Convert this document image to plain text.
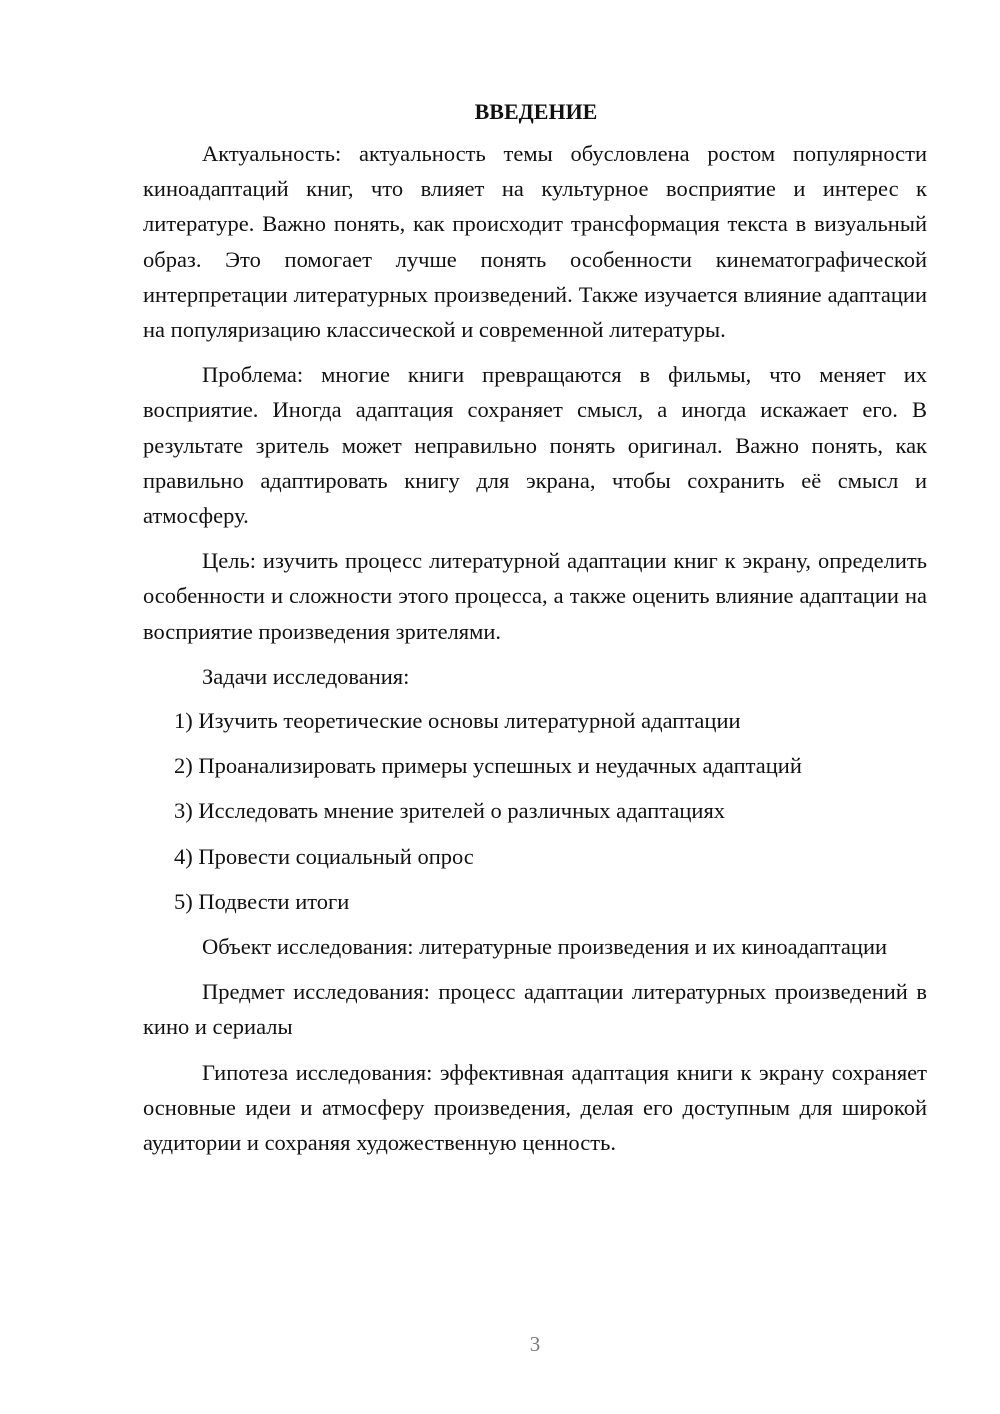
ВВЕДЕНИЕ

Актуальность: актуальность темы обусловлена ростом популярности киноадаптаций книг, что влияет на культурное восприятие и интерес к литературе. Важно понять, как происходит трансформация текста в визуальный образ. Это помогает лучше понять особенности кинематографической интерпретации литературных произведений. Также изучается влияние адаптации на популяризацию классической и современной литературы.

Проблема: многие книги превращаются в фильмы, что меняет их восприятие. Иногда адаптация сохраняет смысл, а иногда искажает его. В результате зритель может неправильно понять оригинал. Важно понять, как правильно адаптировать книгу для экрана, чтобы сохранить её смысл и атмосферу.

Цель: изучить процесс литературной адаптации книг к экрану, определить особенности и сложности этого процесса, а также оценить влияние адаптации на восприятие произведения зрителями.

Задачи исследования:

1) Изучить теоретические основы литературной адаптации
2) Проанализировать примеры успешных и неудачных адаптаций
3) Исследовать мнение зрителей о различных адаптациях
4) Провести социальный опрос
5) Подвести итоги

Объект исследования: литературные произведения и их киноадаптации

Предмет исследования: процесс адаптации литературных произведений в кино и сериалы

Гипотеза исследования: эффективная адаптация книги к экрану сохраняет основные идеи и атмосферу произведения, делая его доступным для широкой аудитории и сохраняя художественную ценность.

3
